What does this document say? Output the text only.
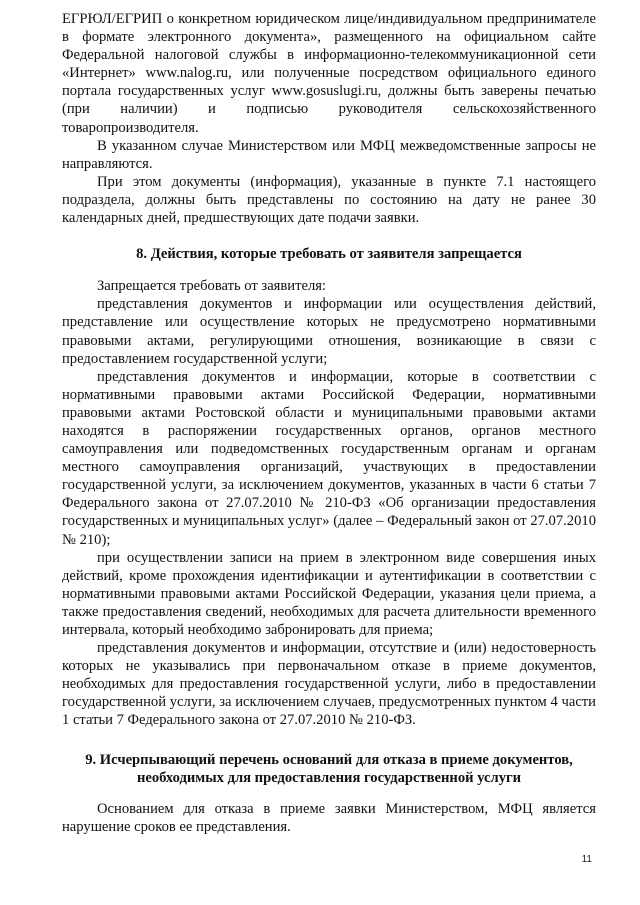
ЕГРЮЛ/ЕГРИП о конкретном юридическом лице/индивидуальном предпринимателе в формате электронного документа», размещенного на официальном сайте Федеральной налоговой службы в информационно-телекоммуникационной сети «Интернет» www.nalog.ru, или полученные посредством официального единого портала государственных услуг www.gosuslugi.ru, должны быть заверены печатью (при наличии) и подписью руководителя сельскохозяйственного товаропроизводителя.

В указанном случае Министерством или МФЦ межведомственные запросы не направляются.

При этом документы (информация), указанные в пункте 7.1 настоящего подраздела, должны быть представлены по состоянию на дату не ранее 30 календарных дней, предшествующих дате подачи заявки.

8. Действия, которые требовать от заявителя запрещается

Запрещается требовать от заявителя:

представления документов и информации или осуществления действий, представление или осуществление которых не предусмотрено нормативными правовыми актами, регулирующими отношения, возникающие в связи с предоставлением государственной услуги;

представления документов и информации, которые в соответствии с нормативными правовыми актами Российской Федерации, нормативными правовыми актами Ростовской области и муниципальными правовыми актами находятся в распоряжении государственных органов, органов местного самоуправления или подведомственных государственным органам и органам местного самоуправления организаций, участвующих в предоставлении государственной услуги, за исключением документов, указанных в части 6 статьи 7 Федерального закона от 27.07.2010 № 210-ФЗ «Об организации предоставления государственных и муниципальных услуг» (далее – Федеральный закон от 27.07.2010 № 210);

при осуществлении записи на прием в электронном виде совершения иных действий, кроме прохождения идентификации и аутентификации в соответствии с нормативными правовыми актами Российской Федерации, указания цели приема, а также предоставления сведений, необходимых для расчета длительности временного интервала, который необходимо забронировать для приема;

представления документов и информации, отсутствие и (или) недостоверность которых не указывались при первоначальном отказе в приеме документов, необходимых для предоставления государственной услуги, либо в предоставлении государственной услуги, за исключением случаев, предусмотренных пунктом 4 части 1 статьи 7 Федерального закона от 27.07.2010 № 210-ФЗ.

9. Исчерпывающий перечень оснований для отказа в приеме документов,
необходимых для предоставления государственной услуги

Основанием для отказа в приеме заявки Министерством, МФЦ является нарушение сроков ее представления.

11
